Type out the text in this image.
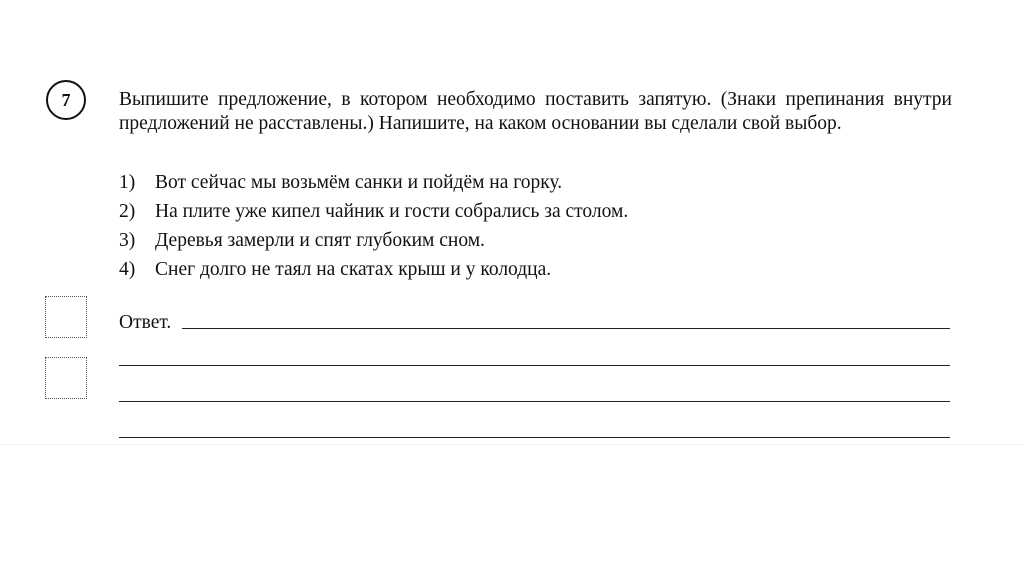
7	Выпишите предложение, в котором необходимо поставить запятую. (Знаки препинания внутри предложений не расставлены.) Напишите, на каком основании вы сделали свой выбор.
1)	Вот сейчас мы возьмём санки и пойдём на горку.
2)	На плите уже кипел чайник и гости собрались за столом.
3)	Деревья замерли и спят глубоким сном.
4)	Снег долго не таял на скатах крыш и у колодца.
Ответ.
